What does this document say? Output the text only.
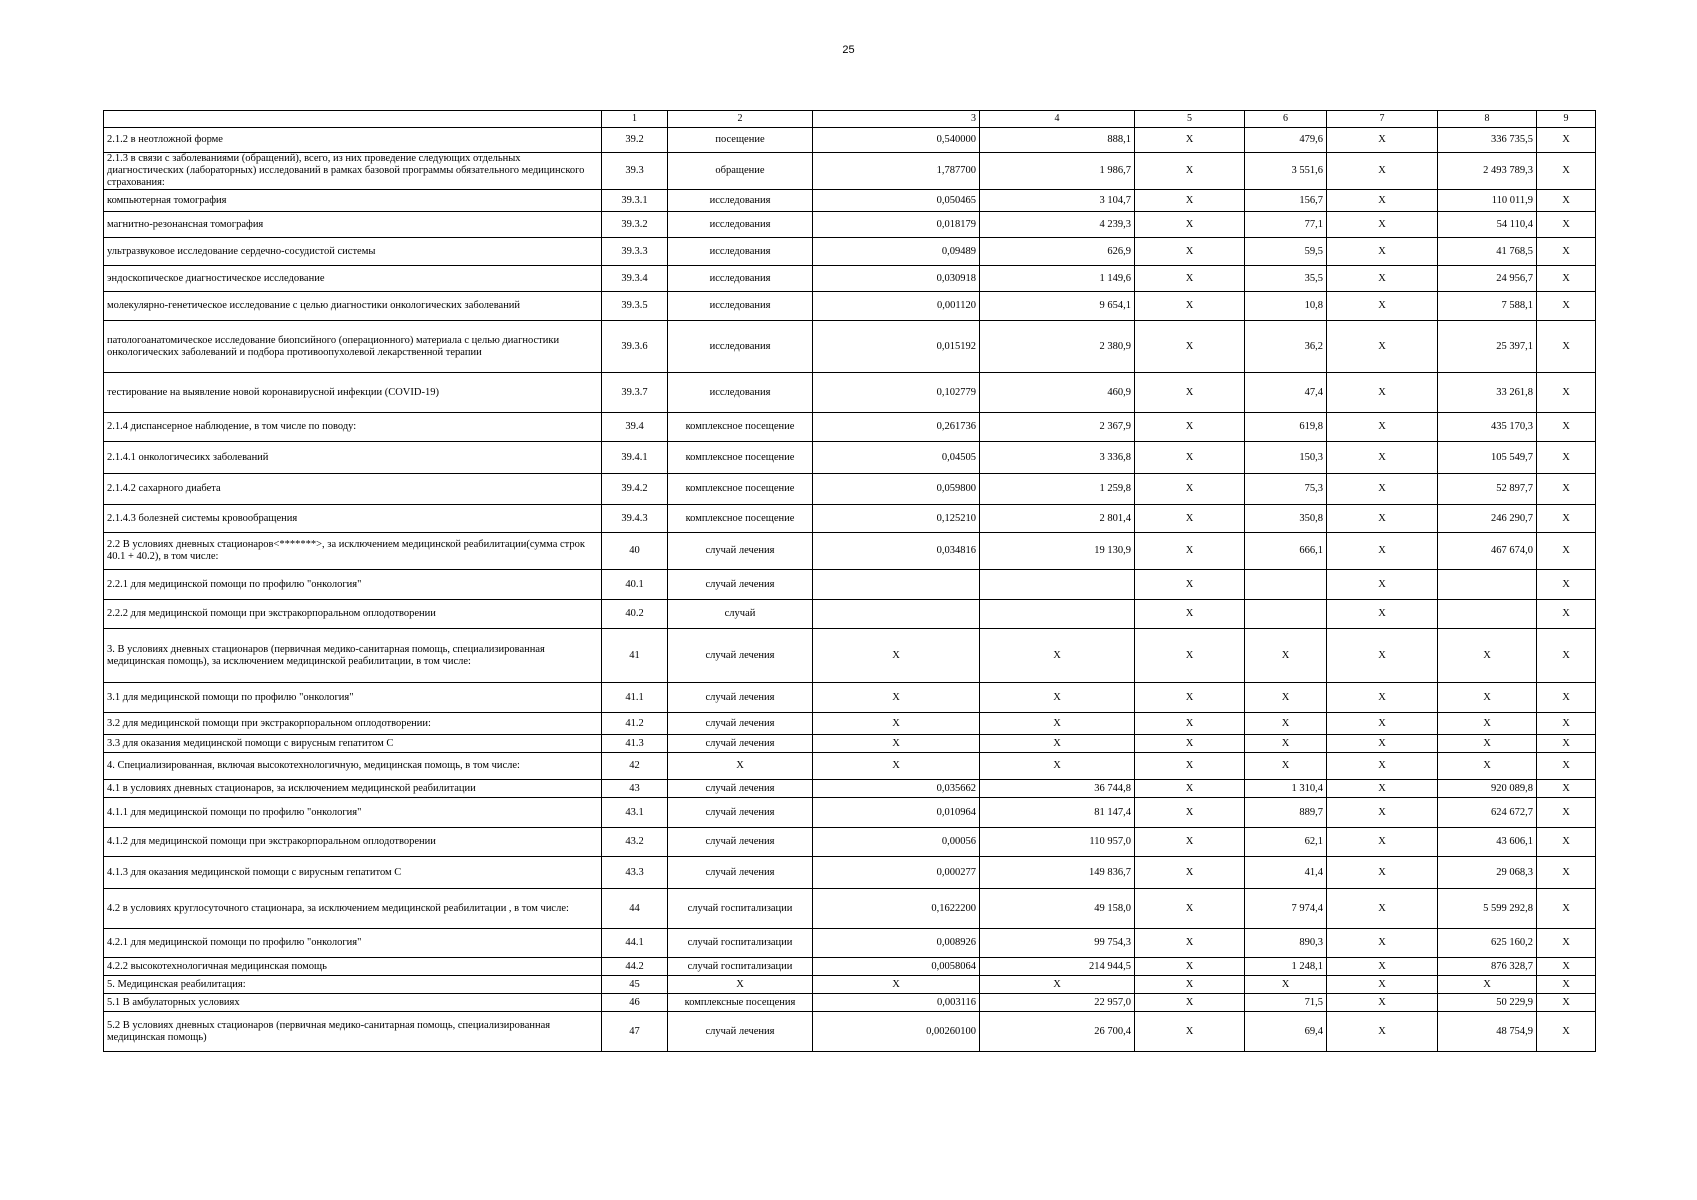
25
	1	2	3	4	5	6	7	8	9
2.1.2 в неотложной форме	39.2	посещение	0,540000	888,1	X	479,6	X	336 735,5	X
2.1.3 в связи с заболеваниями (обращений), всего, из них проведение следующих отдельных диагностических (лабораторных) исследований в рамках базовой программы обязательного медицинского страхования:	39.3	обращение	1,787700	1 986,7	X	3 551,6	X	2 493 789,3	X
компьютерная томография	39.3.1	исследования	0,050465	3 104,7	X	156,7	X	110 011,9	X
магнитно-резонансная томография	39.3.2	исследования	0,018179	4 239,3	X	77,1	X	54 110,4	X
ультразвуковое исследование сердечно-сосудистой системы	39.3.3	исследования	0,09489	626,9	X	59,5	X	41 768,5	X
эндоскопическое диагностическое исследование	39.3.4	исследования	0,030918	1 149,6	X	35,5	X	24 956,7	X
молекулярно-генетическое исследование с целью диагностики онкологических заболеваний	39.3.5	исследования	0,001120	9 654,1	X	10,8	X	7 588,1	X
патологоанатомическое исследование биопсийного (операционного) материала с целью диагностики онкологических заболеваний и подбора противоопухолевой лекарственной терапии	39.3.6	исследования	0,015192	2 380,9	X	36,2	X	25 397,1	X
тестирование на выявление новой коронавирусной инфекции (COVID-19)	39.3.7	исследования	0,102779	460,9	X	47,4	X	33 261,8	X
2.1.4 диспансерное наблюдение, в том числе по поводу:	39.4	комплексное посещение	0,261736	2 367,9	X	619,8	X	435 170,3	X
2.1.4.1 онкологичесикх заболеваний	39.4.1	комплексное посещение	0,04505	3 336,8	X	150,3	X	105 549,7	X
2.1.4.2 сахарного диабета	39.4.2	комплексное посещение	0,059800	1 259,8	X	75,3	X	52 897,7	X
2.1.4.3 болезней системы кровообращения	39.4.3	комплексное посещение	0,125210	2 801,4	X	350,8	X	246 290,7	X
2.2 В условиях дневных стационаров<*******>, за исключением медицинской реабилитации(сумма строк 40.1 + 40.2), в том числе:	40	случай лечения	0,034816	19 130,9	X	666,1	X	467 674,0	X
2.2.1 для медицинской помощи по профилю "онкология"	40.1	случай лечения			X		X		X
2.2.2 для медицинской помощи при экстракорпоральном оплодотворении	40.2	случай			X		X		X
3. В условиях дневных стационаров (первичная медико-санитарная помощь, специализированная медицинская помощь), за исключением медицинской реабилитации, в том числе:	41	случай лечения	X	X	X	X	X	X	X
3.1 для медицинской помощи по профилю "онкология"	41.1	случай лечения	X	X	X	X	X	X	X
3.2 для медицинской помощи при экстракорпоральном оплодотворении:	41.2	случай лечения	X	X	X	X	X	X	X
3.3 для оказания медицинской помощи с вирусным гепатитом С	41.3	случай лечения	X	X	X	X	X	X	X
4. Специализированная, включая высокотехнологичную, медицинская помощь, в том числе:	42	X	X	X	X	X	X	X	X
4.1 в условиях дневных стационаров, за исключением медицинской реабилитации	43	случай лечения	0,035662	36 744,8	X	1 310,4	X	920 089,8	X
4.1.1 для медицинской помощи по профилю "онкология"	43.1	случай лечения	0,010964	81 147,4	X	889,7	X	624 672,7	X
4.1.2 для медицинской помощи при экстракорпоральном оплодотворении	43.2	случай лечения	0,00056	110 957,0	X	62,1	X	43 606,1	X
4.1.3 для оказания медицинской помощи с вирусным гепатитом С	43.3	случай лечения	0,000277	149 836,7	X	41,4	X	29 068,3	X
4.2 в условиях круглосуточного стационара, за исключением медицинской реабилитации , в том числе:	44	случай госпитализации	0,1622200	49 158,0	X	7 974,4	X	5 599 292,8	X
4.2.1 для медицинской помощи по профилю "онкология"	44.1	случай госпитализации	0,008926	99 754,3	X	890,3	X	625 160,2	X
4.2.2 высокотехнологичная медицинская помощь	44.2	случай госпитализации	0,0058064	214 944,5	X	1 248,1	X	876 328,7	X
5. Медицинская реабилитация:	45	X	X	X	X	X	X	X	X
5.1 В амбулаторных условиях	46	комплексные посещения	0,003116	22 957,0	X	71,5	X	50 229,9	X
5.2 В условиях дневных стационаров (первичная медико-санитарная помощь, специализированная медицинская помощь)	47	случай лечения	0,00260100	26 700,4	X	69,4	X	48 754,9	X
